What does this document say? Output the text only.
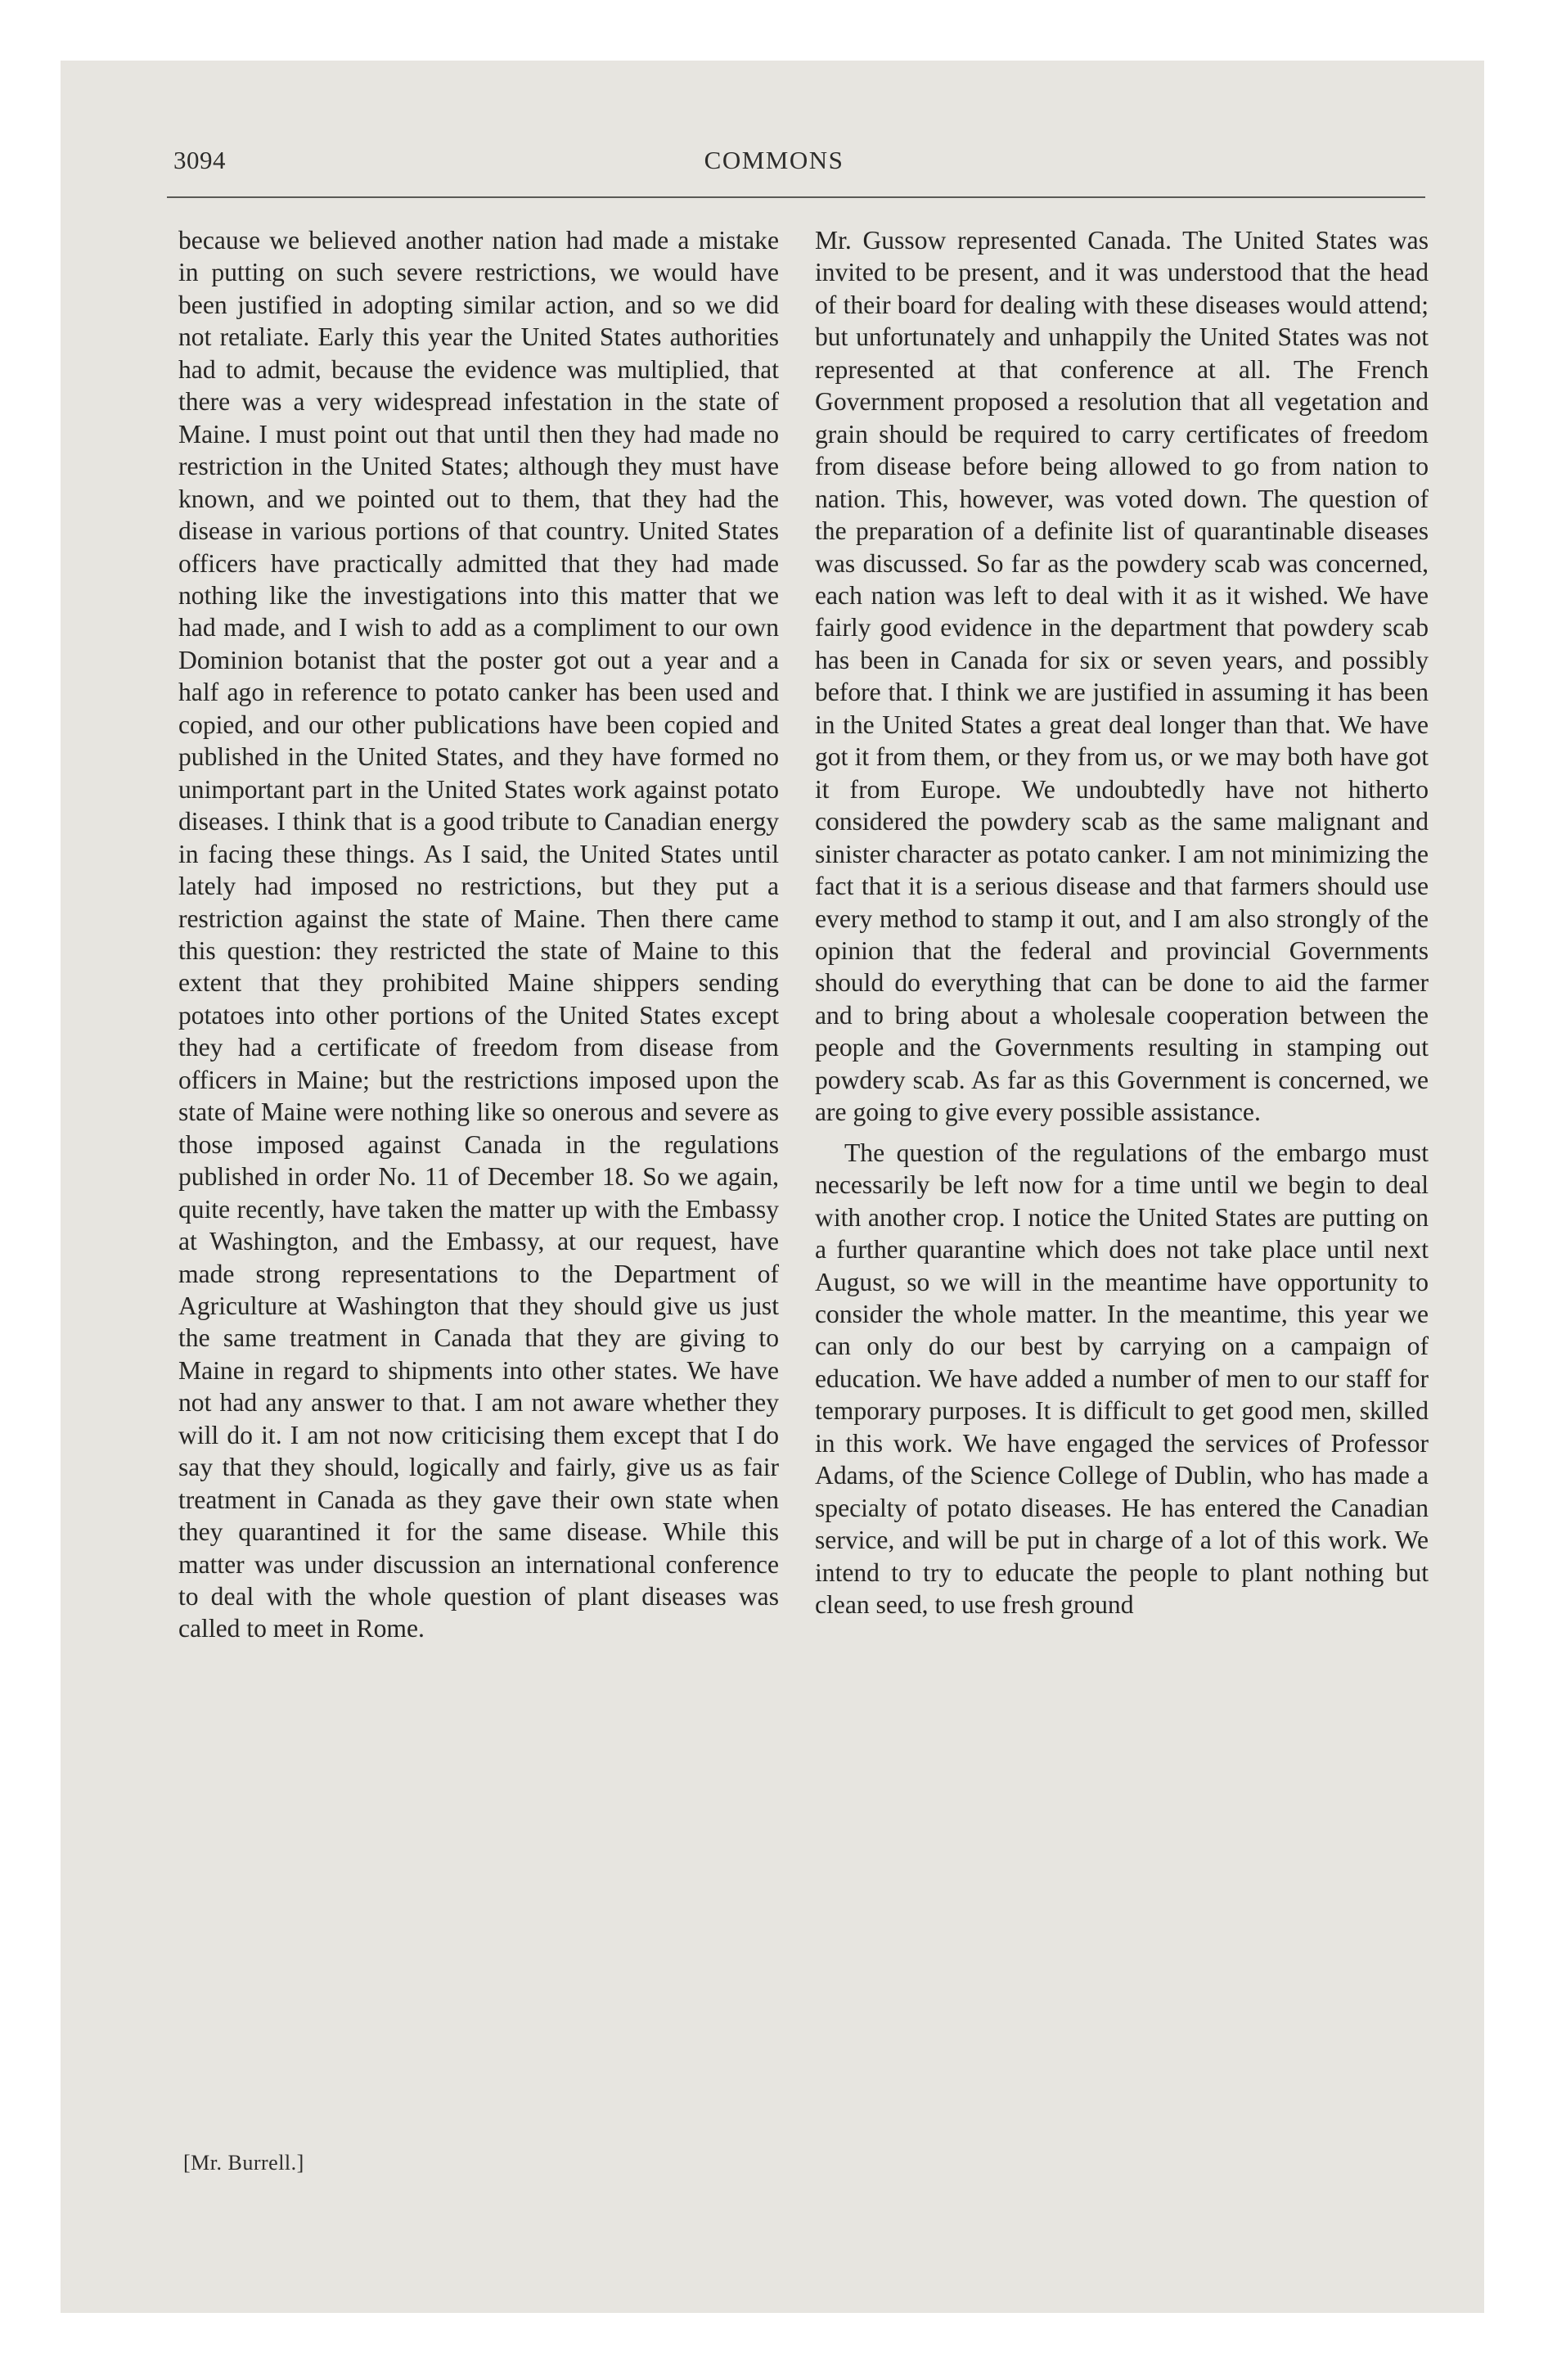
3094	COMMONS

because we believed another nation had made a mistake in putting on such severe restrictions, we would have been justified in adopting similar action, and so we did not retaliate. Early this year the United States authorities had to admit, because the evidence was multiplied, that there was a very widespread infestation in the state of Maine. I must point out that until then they had made no restriction in the United States; although they must have known, and we pointed out to them, that they had the disease in various portions of that country. United States officers have practically admitted that they had made nothing like the investigations into this matter that we had made, and I wish to add as a compliment to our own Dominion botanist that the poster got out a year and a half ago in reference to potato canker has been used and copied, and our other publications have been copied and published in the United States, and they have formed no unimportant part in the United States work against potato diseases. I think that is a good tribute to Canadian energy in facing these things. As I said, the United States until lately had imposed no restrictions, but they put a restriction against the state of Maine. Then there came this question: they restricted the state of Maine to this extent that they prohibited Maine shippers sending potatoes into other portions of the United States except they had a certificate of freedom from disease from officers in Maine; but the restrictions imposed upon the state of Maine were nothing like so onerous and severe as those imposed against Canada in the regulations published in order No. 11 of December 18. So we again, quite recently, have taken the matter up with the Embassy at Washington, and the Embassy, at our request, have made strong representations to the Department of Agriculture at Washington that they should give us just the same treatment in Canada that they are giving to Maine in regard to shipments into other states. We have not had any answer to that. I am not aware whether they will do it. I am not now criticising them except that I do say that they should, logically and fairly, give us as fair treatment in Canada as they gave their own state when they quarantined it for the same disease. While this matter was under discussion an international conference to deal with the whole question of plant diseases was called to meet in Rome.

Mr. Gussow represented Canada. The United States was invited to be present, and it was understood that the head of their board for dealing with these diseases would attend; but unfortunately and unhappily the United States was not represented at that conference at all. The French Government proposed a resolution that all vegetation and grain should be required to carry certificates of freedom from disease before being allowed to go from nation to nation. This, however, was voted down. The question of the preparation of a definite list of quarantinable diseases was discussed. So far as the powdery scab was concerned, each nation was left to deal with it as it wished. We have fairly good evidence in the department that powdery scab has been in Canada for six or seven years, and possibly before that. I think we are justified in assuming it has been in the United States a great deal longer than that. We have got it from them, or they from us, or we may both have got it from Europe. We undoubtedly have not hitherto considered the powdery scab as the same malignant and sinister character as potato canker. I am not minimizing the fact that it is a serious disease and that farmers should use every method to stamp it out, and I am also strongly of the opinion that the federal and provincial Governments should do everything that can be done to aid the farmer and to bring about a wholesale cooperation between the people and the Governments resulting in stamping out powdery scab. As far as this Government is concerned, we are going to give every possible assistance.

The question of the regulations of the embargo must necessarily be left now for a time until we begin to deal with another crop. I notice the United States are putting on a further quarantine which does not take place until next August, so we will in the meantime have opportunity to consider the whole matter. In the meantime, this year we can only do our best by carrying on a campaign of education. We have added a number of men to our staff for temporary purposes. It is difficult to get good men, skilled in this work. We have engaged the services of Professor Adams, of the Science College of Dublin, who has made a specialty of potato diseases. He has entered the Canadian service, and will be put in charge of a lot of this work. We intend to try to educate the people to plant nothing but clean seed, to use fresh ground

[Mr. Burrell.]
